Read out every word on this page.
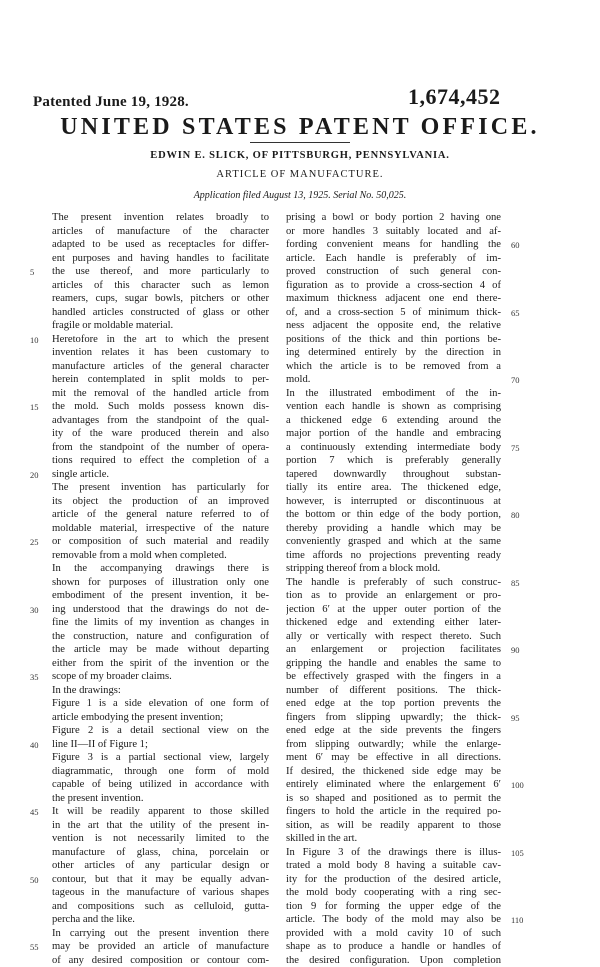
Patented June 19, 1928.	1,674,452
UNITED STATES PATENT OFFICE.
EDWIN E. SLICK, OF PITTSBURGH, PENNSYLVANIA.
ARTICLE OF MANUFACTURE.
Application filed August 13, 1925. Serial No. 50,025.
5
10
15
20
25
30
35
40
45
50
55
The present invention relates broadly to
articles of manufacture of the character
adapted to be used as receptacles for differ-
ent purposes and having handles to facilitate
the use thereof, and more particularly to
articles of this character such as lemon
reamers, cups, sugar bowls, pitchers or other
handled articles constructed of glass or other
fragile or moldable material.
Heretofore in the art to which the present
invention relates it has been customary to
manufacture articles of the general character
herein contemplated in split molds to per-
mit the removal of the handled article from
the mold. Such molds possess known dis-
advantages from the standpoint of the qual-
ity of the ware produced therein and also
from the standpoint of the number of opera-
tions required to effect the completion of a
single article.
The present invention has particularly for
its object the production of an improved
article of the general nature referred to of
moldable material, irrespective of the nature
or composition of such material and readily
removable from a mold when completed.
In the accompanying drawings there is
shown for purposes of illustration only one
embodiment of the present invention, it be-
ing understood that the drawings do not de-
fine the limits of my invention as changes in
the construction, nature and configuration of
the article may be made without departing
either from the spirit of the invention or the
scope of my broader claims.
In the drawings:
Figure 1 is a side elevation of one form of
article embodying the present invention;
Figure 2 is a detail sectional view on the
line II—II of Figure 1;
Figure 3 is a partial sectional view, largely
diagrammatic, through one form of mold
capable of being utilized in accordance with
the present invention.
It will be readily apparent to those skilled
in the art that the utility of the present in-
vention is not necessarily limited to the
manufacture of glass, china, porcelain or
other articles of any particular design or
contour, but that it may be equally advan-
tageous in the manufacture of various shapes
and compositions such as celluloid, gutta-
percha and the like.
In carrying out the present invention there
may be provided an article of manufacture
of any desired composition or contour com-
prising a bowl or body portion 2 having one
or more handles 3 suitably located and af-
fording convenient means for handling the
article. Each handle is preferably of im-
proved construction of such general con-
figuration as to provide a cross-section 4 of
maximum thickness adjacent one end there-
of, and a cross-section 5 of minimum thick-
ness adjacent the opposite end, the relative
positions of the thick and thin portions be-
ing determined entirely by the direction in
which the article is to be removed from a
mold.
In the illustrated embodiment of the in-
vention each handle is shown as comprising
a thickened edge 6 extending around the
major portion of the handle and embracing
a continuously extending intermediate body
portion 7 which is preferably generally
tapered downwardly throughout substan-
tially its entire area. The thickened edge,
however, is interrupted or discontinuous at
the bottom or thin edge of the body portion,
thereby providing a handle which may be
conveniently grasped and which at the same
time affords no projections preventing ready
stripping thereof from a block mold.
The handle is preferably of such construc-
tion as to provide an enlargement or pro-
jection 6′ at the upper outer portion of the
thickened edge and extending either later-
ally or vertically with respect thereto. Such
an enlargement or projection facilitates
gripping the handle and enables the same to
be effectively grasped with the fingers in a
number of different positions. The thick-
ened edge at the top portion prevents the
fingers from slipping upwardly; the thick-
ened edge at the side prevents the fingers
from slipping outwardly; while the enlarge-
ment 6′ may be effective in all directions.
If desired, the thickened side edge may be
entirely eliminated where the enlargement 6′
is so shaped and positioned as to permit the
fingers to hold the article in the required po-
sition, as will be readily apparent to those
skilled in the art.
In Figure 3 of the drawings there is illus-
trated a mold body 8 having a suitable cav-
ity for the production of the desired article,
the mold body cooperating with a ring sec-
tion 9 for forming the upper edge of the
article. The body of the mold may also be
provided with a mold cavity 10 of such
shape as to produce a handle or handles of
the desired configuration. Upon completion
60
65
70
75
80
85
90
95
100
105
110
